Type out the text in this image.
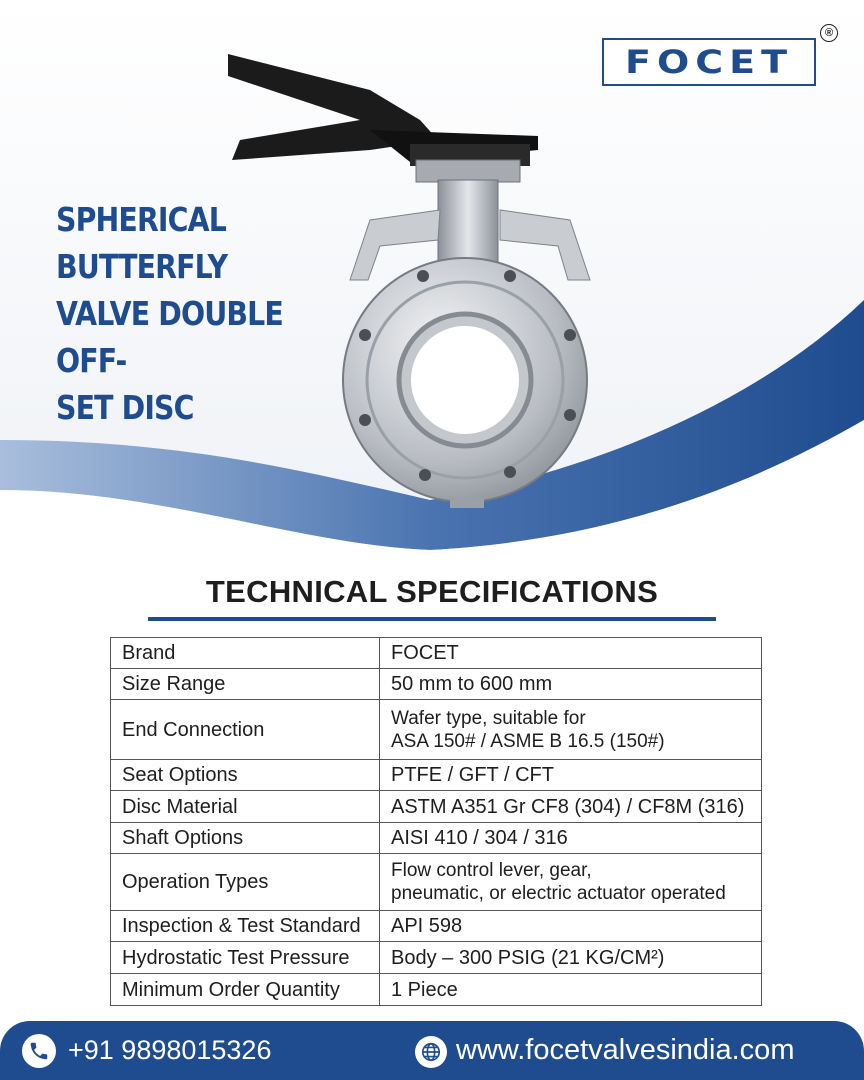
FOCET
®
SPHERICAL BUTTERFLY
VALVE DOUBLE OFF-
SET DISC
TECHNICAL SPECIFICATIONS
Brand	FOCET
Size Range	50 mm to 600 mm
End Connection	Wafer type, suitable for
ASA 150# / ASME B 16.5 (150#)

Seat Options	PTFE / GFT / CFT
Disc Material	ASTM A351 Gr CF8 (304) / CF8M (316)
Shaft Options	AISI 410 / 304 / 316
Operation Types	Flow control lever, gear,
pneumatic, or electric actuator operated

Inspection & Test Standard	API 598
Hydrostatic Test Pressure	Body – 300 PSIG (21 KG/CM²)
Minimum Order Quantity	1 Piece
+91 9898015326	www.focetvalvesindia.com
